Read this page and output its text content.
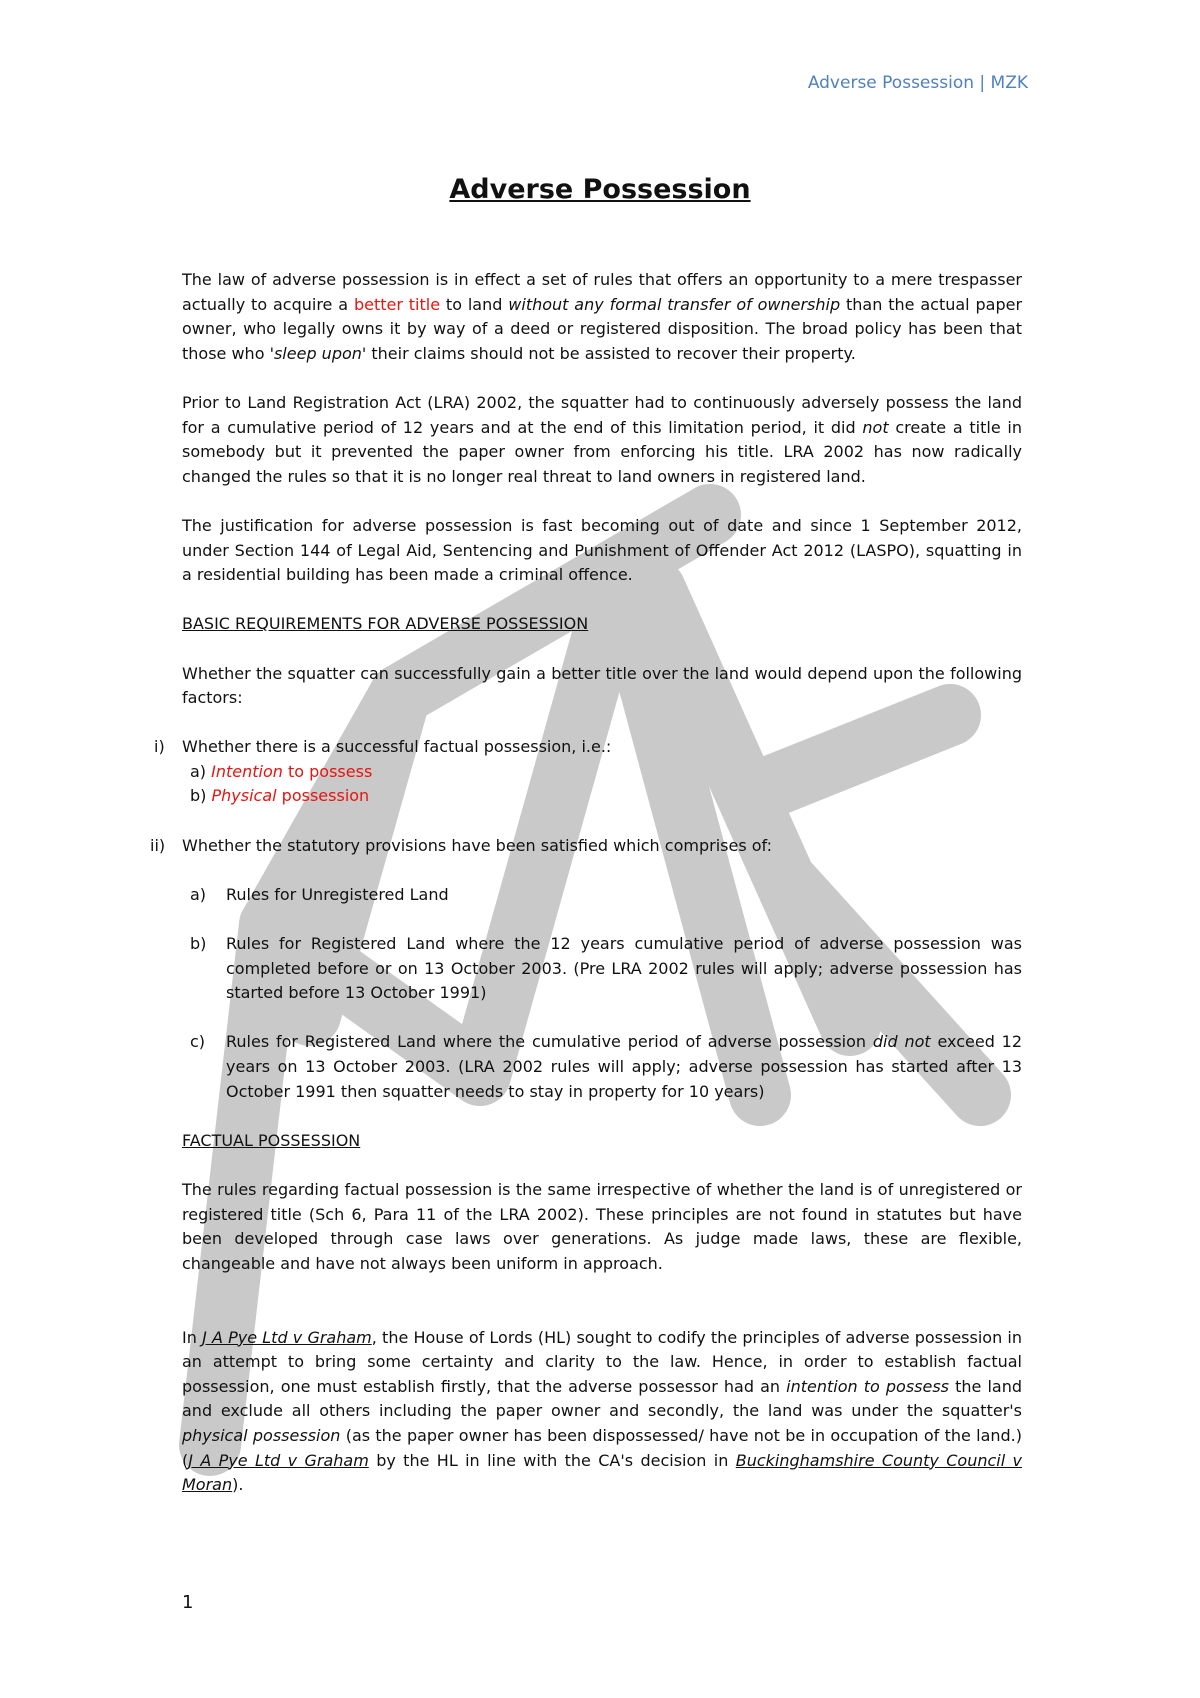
Adverse Possession | MZK
Adverse Possession

The law of adverse possession is in effect a set of rules that offers an opportunity to a mere trespasser actually to acquire a better title to land without any formal transfer of ownership than the actual paper owner, who legally owns it by way of a deed or registered disposition. The broad policy has been that those who 'sleep upon' their claims should not be assisted to recover their property.

Prior to Land Registration Act (LRA) 2002, the squatter had to continuously adversely possess the land for a cumulative period of 12 years and at the end of this limitation period, it did not create a title in somebody but it prevented the paper owner from enforcing his title. LRA 2002 has now radically changed the rules so that it is no longer real threat to land owners in registered land.

The justification for adverse possession is fast becoming out of date and since 1 September 2012, under Section 144 of Legal Aid, Sentencing and Punishment of Offender Act 2012 (LASPO), squatting in a residential building has been made a criminal offence.

BASIC REQUIREMENTS FOR ADVERSE POSSESSION

Whether the squatter can successfully gain a better title over the land would depend upon the following factors:

i) Whether there is a successful factual possession, i.e.:
a) Intention to possess
b) Physical possession
ii) Whether the statutory provisions have been satisfied which comprises of:
a) Rules for Unregistered Land
b) Rules for Registered Land where the 12 years cumulative period of adverse possession was completed before or on 13 October 2003. (Pre LRA 2002 rules will apply; adverse possession has started before 13 October 1991)
c) Rules for Registered Land where the cumulative period of adverse possession did not exceed 12 years on 13 October 2003. (LRA 2002 rules will apply; adverse possession has started after 13 October 1991 then squatter needs to stay in property for 10 years)
FACTUAL POSSESSION

The rules regarding factual possession is the same irrespective of whether the land is of unregistered or registered title (Sch 6, Para 11 of the LRA 2002). These principles are not found in statutes but have been developed through case laws over generations. As judge made laws, these are flexible, changeable and have not always been uniform in approach.

In J A Pye Ltd v Graham, the House of Lords (HL) sought to codify the principles of adverse possession in an attempt to bring some certainty and clarity to the law. Hence, in order to establish factual possession, one must establish firstly, that the adverse possessor had an intention to possess the land and exclude all others including the paper owner and secondly, the land was under the squatter's physical possession (as the paper owner has been dispossessed/ have not be in occupation of the land.) (J A Pye Ltd v Graham by the HL in line with the CA's decision in Buckinghamshire County Council v Moran).

1
